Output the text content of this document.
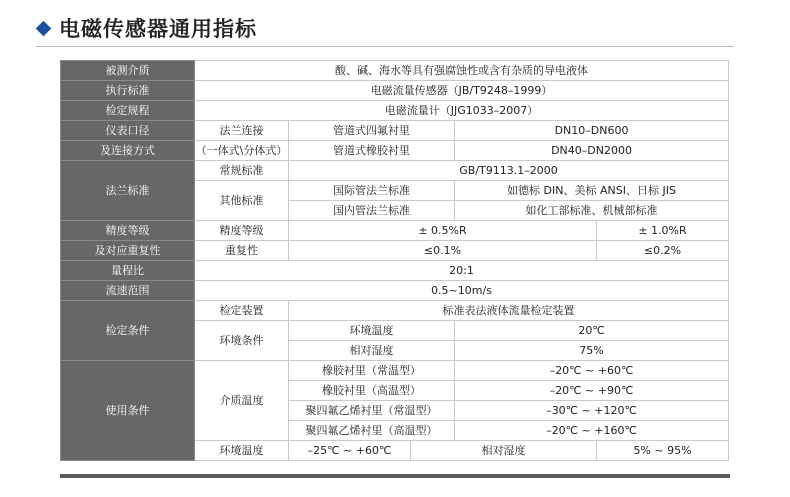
电磁传感器通用指标
被测介质	酸、碱、海水等具有强腐蚀性或含有杂质的导电液体				
执行标准	电磁流量传感器（JB/T9248–1999）				
检定规程	电磁流量计（JJG1033–2007）				
仪表口径	法兰连接	管道式四氟衬里		DN10–DN600	
及连接方式	（一体式\分体式）	管道式橡胶衬里		DN40–DN2000	
法兰标准	常规标准	GB/T9113.1–2000			
	其他标准	国际管法兰标准		如德标 DIN、美标 ANSI、日标 JIS	
		国内管法兰标准		如化工部标准、机械部标准	
精度等级	精度等级	± 0.5%R			± 1.0%R
及对应重复性	重复性	≤0.1%			≤0.2%
量程比	20:1				
流速范围	0.5~10m/s				
检定条件	检定装置	标准表法液体流量检定装置			
	环境条件	环境温度		20℃	
		相对湿度		75%	
使用条件	介质温度	橡胶衬里（常温型）		–20℃ ~ +60℃	
		橡胶衬里（高温型）		–20℃ ~ +90℃	
		聚四氟乙烯衬里（常温型）		–30℃ ~ +120℃	
		聚四氟乙烯衬里（高温型）		–20℃ ~ +160℃	
	环境温度	–25℃ ~ +60℃	相对湿度		5% ~ 95%
